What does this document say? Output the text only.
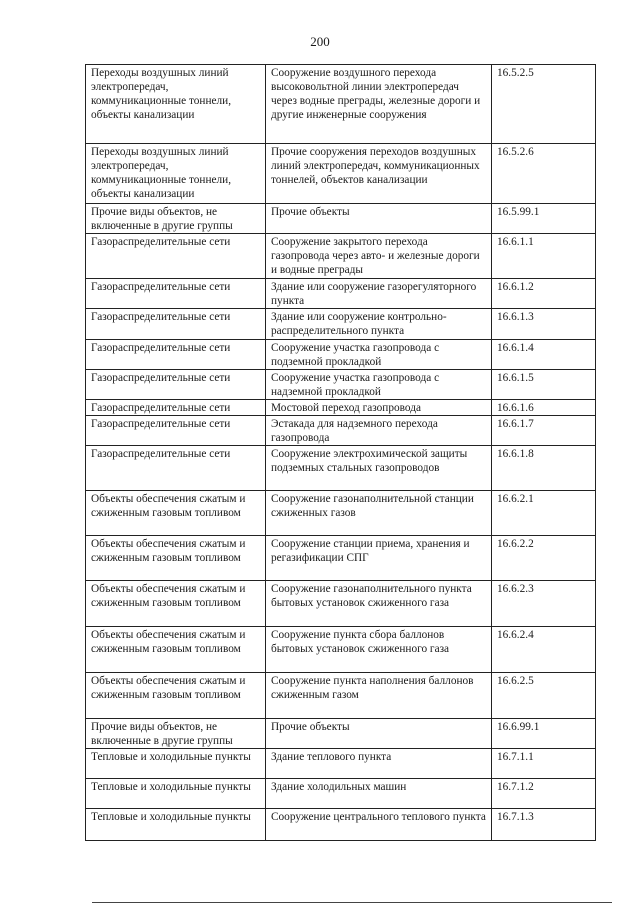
200
Переходы воздушных линий электропередач, коммуникационные тоннели, объекты канализации	Сооружение воздушного перехода высоковольтной линии электропередач через водные преграды, железные дороги и другие инженерные сооружения	16.5.2.5
Переходы воздушных линий электропередач, коммуникационные тоннели, объекты канализации	Прочие сооружения переходов воздушных линий электропередач, коммуникационных тоннелей, объектов канализации	16.5.2.6
Прочие виды объектов, не включенные в другие группы	Прочие объекты	16.5.99.1
Газораспределительные сети	Сооружение закрытого перехода газопровода через авто- и железные дороги и водные преграды	16.6.1.1
Газораспределительные сети	Здание или сооружение газорегуляторного пункта	16.6.1.2
Газораспределительные сети	Здание или сооружение контрольно-распределительного пункта	16.6.1.3
Газораспределительные сети	Сооружение участка газопровода с подземной прокладкой	16.6.1.4
Газораспределительные сети	Сооружение участка газопровода с надземной прокладкой	16.6.1.5
Газораспределительные сети	Мостовой переход газопровода	16.6.1.6
Газораспределительные сети	Эстакада для надземного перехода газопровода	16.6.1.7
Газораспределительные сети	Сооружение электрохимической защиты подземных стальных газопроводов	16.6.1.8
Объекты обеспечения сжатым и сжиженным газовым топливом	Сооружение газонаполнительной станции сжиженных газов	16.6.2.1
Объекты обеспечения сжатым и сжиженным газовым топливом	Сооружение станции приема, хранения и регазификации СПГ	16.6.2.2
Объекты обеспечения сжатым и сжиженным газовым топливом	Сооружение газонаполнительного пункта бытовых установок сжиженного газа	16.6.2.3
Объекты обеспечения сжатым и сжиженным газовым топливом	Сооружение пункта сбора баллонов бытовых установок сжиженного газа	16.6.2.4
Объекты обеспечения сжатым и сжиженным газовым топливом	Сооружение пункта наполнения баллонов сжиженным газом	16.6.2.5
Прочие виды объектов, не включенные в другие группы	Прочие объекты	16.6.99.1
Тепловые и холодильные пункты	Здание теплового пункта	16.7.1.1
Тепловые и холодильные пункты	Здание холодильных машин	16.7.1.2
Тепловые и холодильные пункты	Сооружение центрального теплового пункта	16.7.1.3
